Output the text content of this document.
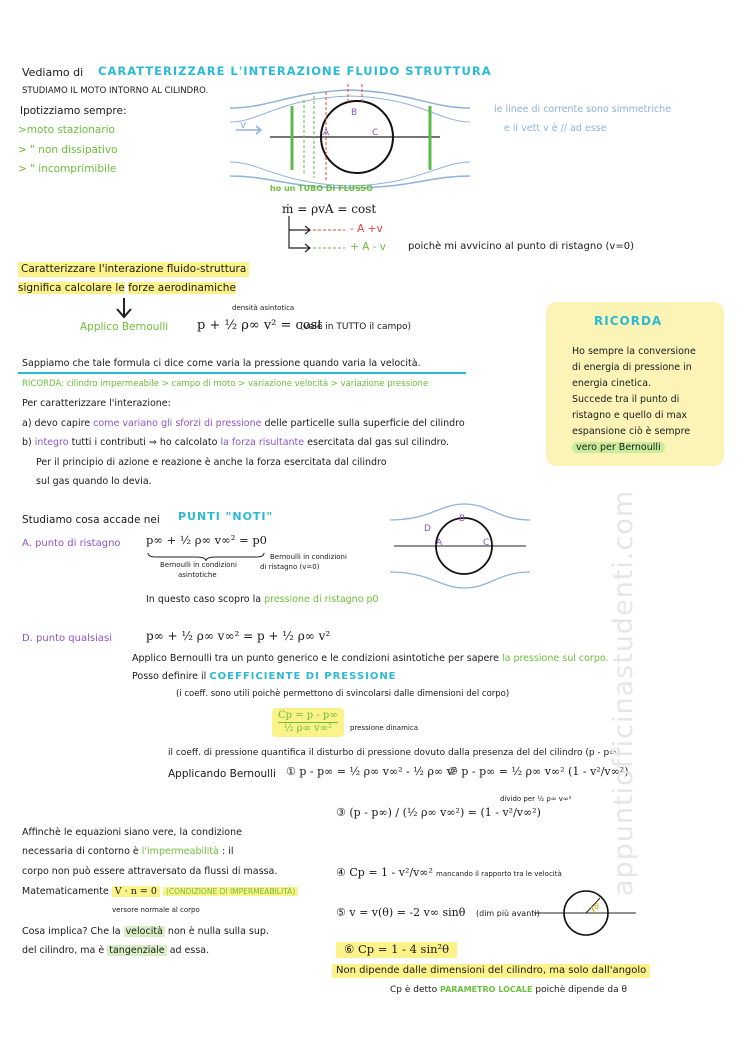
Vediamo di CARATTERIZZARE L'INTERAZIONE FLUIDO STRUTTURA
STUDIAMO IL MOTO INTORNO AL CILINDRO.
Ipotizziamo sempre:
>moto stazionario
> " non dissipativo
> " incomprimibile
v
A
B
C
le linee di corrente sono simmetriche
e il vett v è // ad esse
ho un TUBO DI FLUSSO
ṁ = ρvA = cost
- A +v
+ A - v poichè mi avvicino al punto di ristagno (v=0)
Caratterizzare l'interazione fluido-struttura
significa calcolare le forze aerodinamiche
densità asintotica
Applico Bernoulli p + ½ ρ∞ v² = cost
(vale in TUTTO il campo)	RICORDA
Ho sempre la conversione
di energia di pressione in
energia cinetica.
Succede tra il punto di
ristagno e quello di max
espansione ciò è sempre
vero per Bernoulli
Sappiamo che tale formula ci dice come varia la pressione quando varia la velocità.
RICORDA: cilindro impermeabile > campo di moto > variazione velocità > variazione pressione
Per caratterizzare l'interazione:
a) devo capire come variano gli sforzi di pressione delle particelle sulla superficie del cilindro
b) integro tutti i contributi ⇒ ho calcolato la forza risultante esercitata dal gas sul cilindro.
Per il principio di azione e reazione è anche la forza esercitata dal cilindro
sul gas quando lo devia.
Studiamo cosa accade nei PUNTI "NOTI"
A. punto di ristagno p∞ + ½ ρ∞ v∞² = p0
Bernoulli in condizioni
asintotiche
Bernoulli in condizioni
di ristagno (v=0)
In questo caso scopro la pressione di ristagno p0
D
A
B
C
D. punto qualsiasi	p∞ + ½ ρ∞ v∞² = p + ½ ρ∞ v²
Applico Bernoulli tra un punto generico e le condizioni asintotiche per sapere la pressione sul corpo.
Posso definire il COEFFICIENTE DI PRESSIONE
(i coeff. sono utili poichè permettono di svincolarsi dalle dimensioni del corpo)
$\frac{Cp = p - p\infty}{\text{½ ρ∞ v∞²}}$ pressione dinamica
il coeff. di pressione quantifica il disturbo di pressione dovuto dalla presenza del del cilindro (p - p∞)
Applicando Bernoulli ① p - p∞ = ½ ρ∞ v∞² - ½ ρ∞ v²
② p - p∞ = ½ ρ∞ v∞² (1 - v²/v∞²)
divido per ½ ρ∞ v∞²
③ (p - p∞) / (½ ρ∞ v∞²) = (1 - v²/v∞²)
④ Cp = 1 - v²/v∞² mancando il rapporto tra le velocità
⑤ v = v(θ) = -2 v∞ sinθ (dim più avanti)
θ
⑥ Cp = 1 - 4 sin²θ
Non dipende dalle dimensioni del cilindro, ma solo dall'angolo
Cp è detto PARAMETRO LOCALE poichè dipende da θ
Affinchè le equazioni siano vere, la condizione
necessaria di contorno è l'impermeabilità : il
corpo non può essere attraversato da flussi di massa.
Matematicamente V · n = 0 (CONDIZIONE DI IMPERMEABILITÀ)
versore normale al corpo
Cosa implica? Che la velocità non è nulla sulla sup.
del cilindro, ma è tangenziale ad essa.
appuntiofficinastudenti.com
